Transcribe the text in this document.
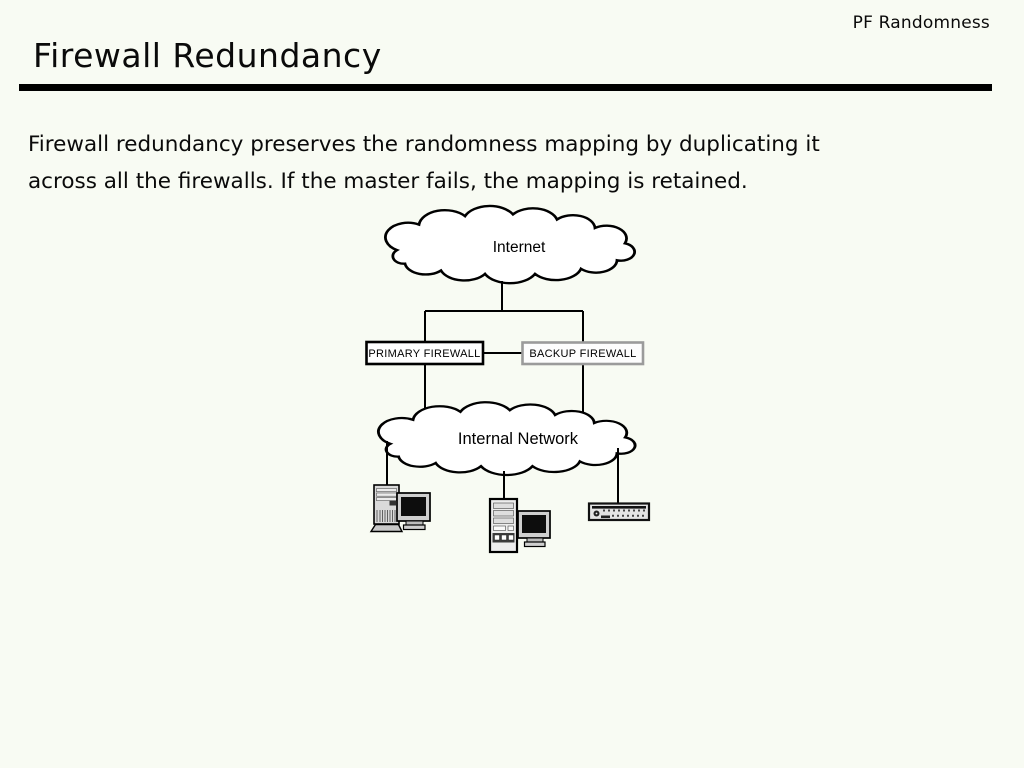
PF Randomness
Firewall Redundancy
Firewall redundancy preserves the randomness mapping by duplicating it
across all the firewalls. If the master fails, the mapping is retained.
PRIMARY FIREWALL	BACKUP FIREWALL
Internet
Internal Network
